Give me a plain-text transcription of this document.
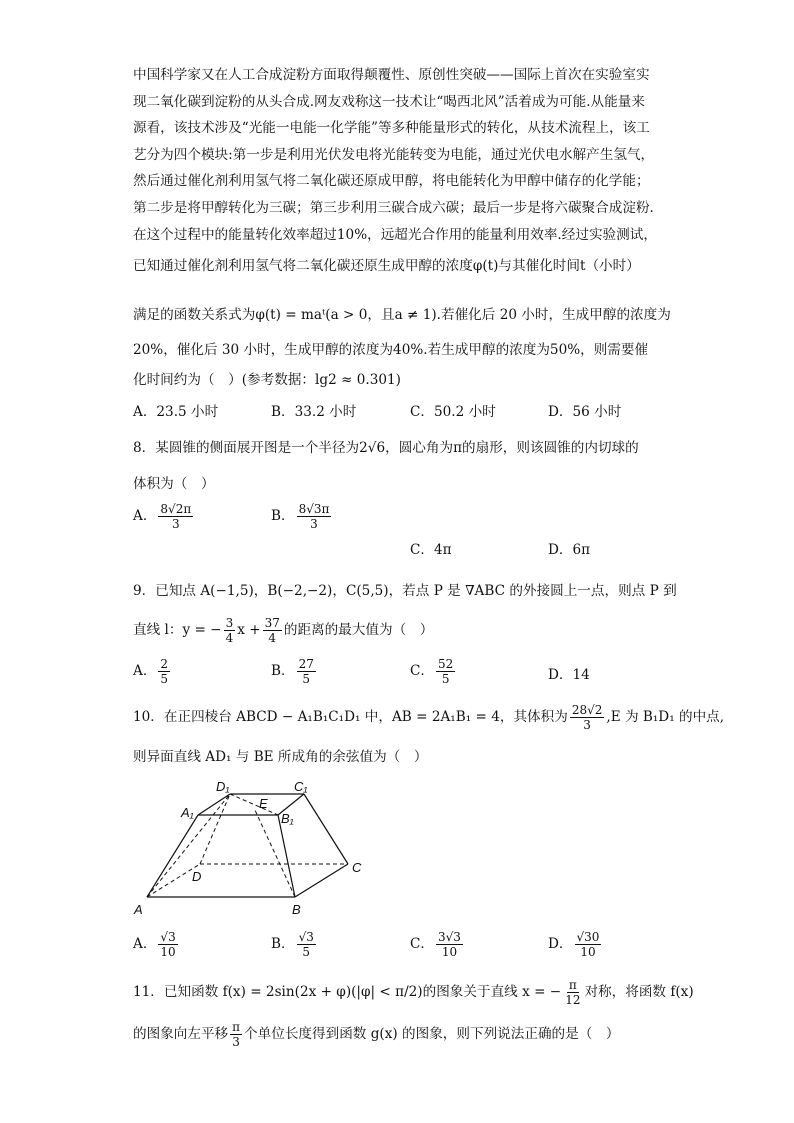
中国科学家又在人工合成淀粉方面取得颠覆性、原创性突破——国际上首次在实验室实
现二氧化碳到淀粉的从头合成.网友戏称这一技术让“喝西北风”活着成为可能.从能量来
源看，该技术涉及“光能一电能一化学能”等多种能量形式的转化，从技术流程上，该工
艺分为四个模块:第一步是利用光伏发电将光能转变为电能，通过光伏电水解产生氢气，
然后通过催化剂利用氢气将二氧化碳还原成甲醇，将电能转化为甲醇中储存的化学能；
第二步是将甲醇转化为三碳；第三步利用三碳合成六碳；最后一步是将六碳聚合成淀粉.
在这个过程中的能量转化效率超过10%，远超光合作用的能量利用效率.经过实验测试，
已知通过催化剂利用氢气将二氧化碳还原生成甲醇的浓度φ(t)与其催化时间t（小时）
满足的函数关系式为φ(t) = maᵗ(a > 0，且a ≠ 1).若催化后 20 小时，生成甲醇的浓度为
20%，催化后 30 小时，生成甲醇的浓度为40%.若生成甲醇的浓度为50%，则需要催
化时间约为（　）(参考数据：lg2 ≈ 0.301)
A．23.5 小时	B．33.2 小时	C．50.2 小时	D．56 小时
8．某圆锥的侧面展开图是一个半径为2√6，圆心角为π的扇形，则该圆锥的内切球的
体积为（　）
A． $\frac{8√2\pi}{3}$	B． $\frac{8√3\pi}{3}$
C．4π	D．6π
9．已知点 A(−1,5)，B(−2,−2)，C(5,5)，若点 P 是 ∇ABC 的外接圆上一点，则点 P 到
直线 l：y = − $\frac{3}{4}$ $x + \frac{37}{4}$ 的距离的最大值为（　）
A． $\frac{2}{5}$	B． $\frac{27}{5}$	C． $\frac{52}{5}$	D．14
10．在正四棱台 ABCD − A₁B₁C₁D₁ 中，AB = 2A₁B₁ = 4，其体积为 $\frac{28√2}{3} ,E$ 为 B₁D₁ 的中点,
则异面直线 AD₁ 与 BE 所成角的余弦值为（　）
D₁	C₁
A₁
E
B₁
D
C
A	B
A． $\frac{√3}{10}$	B． $\frac{√3}{5}$	C． $\frac{3√3}{10}$	D． $\frac{√30}{10}$
11．已知函数 f(x) = 2sin(2x + φ)(|φ| < π/2)的图象关于直线 x = − $\frac{\pi}{12}$ 对称，将函数 f(x)
的图象向左平移 $\frac{\pi}{3}$ 个单位长度得到函数 g(x) 的图象，则下列说法正确的是（　）
